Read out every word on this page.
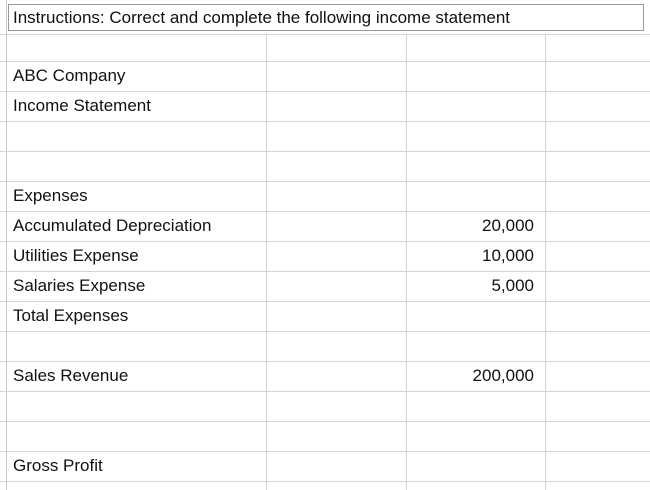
Instructions: Correct and complete the following income statement
ABC Company
Income Statement
Expenses
Accumulated Depreciation	20,000
Utilities Expense	10,000
Salaries Expense	5,000
Total Expenses
Sales Revenue	200,000
Gross Profit
